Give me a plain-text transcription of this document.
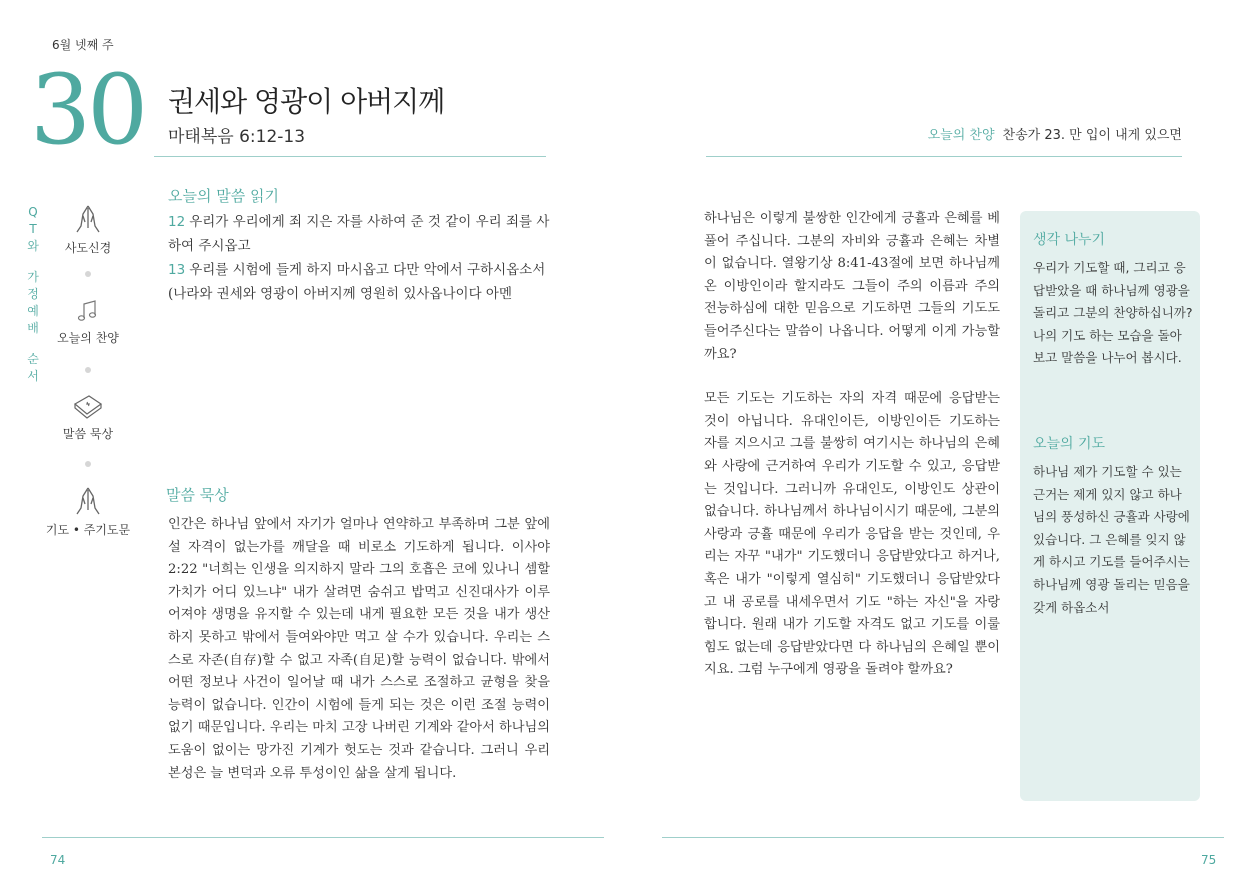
6월 넷째 주
30 권세와 영광이 아버지께
마태복음 6:12-13	오늘의 찬양 찬송가 23. 만 입이 내게 있으면
Q
T
와
가
정
예
배
순
서
사도신경
오늘의 찬양
말씀 묵상
기도 • 주기도문
오늘의 말씀 읽기
12 우리가 우리에게 죄 지은 자를 사하여 준 것 같이 우리 죄를 사하여 주시옵고
13 우리를 시험에 들게 하지 마시옵고 다만 악에서 구하시옵소서 (나라와 권세와 영광이 아버지께 영원히 있사옵나이다 아멘
말씀 묵상
인간은 하나님 앞에서 자기가 얼마나 연약하고 부족하며 그분 앞에 설 자격이 없는가를 깨달을 때 비로소 기도하게 됩니다. 이사야 2:22 "너희는 인생을 의지하지 말라 그의 호흡은 코에 있나니 셈할 가치가 어디 있느냐" 내가 살려면 숨쉬고 밥먹고 신진대사가 이루어져야 생명을 유지할 수 있는데 내게 필요한 모든 것을 내가 생산하지 못하고 밖에서 들여와야만 먹고 살 수가 있습니다. 우리는 스스로 자존(自存)할 수 없고 자족(自足)할 능력이 없습니다. 밖에서 어떤 정보나 사건이 일어날 때 내가 스스로 조절하고 균형을 찾을 능력이 없습니다. 인간이 시험에 들게 되는 것은 이런 조절 능력이 없기 때문입니다. 우리는 마치 고장 나버린 기계와 같아서 하나님의 도움이 없이는 망가진 기계가 헛도는 것과 같습니다. 그러니 우리 본성은 늘 변덕과 오류 투성이인 삶을 살게 됩니다.

하나님은 이렇게 불쌍한 인간에게 긍휼과 은혜를 베풀어 주십니다. 그분의 자비와 긍휼과 은혜는 차별이 없습니다. 열왕기상 8:41-43절에 보면 하나님께 온 이방인이라 할지라도 그들이 주의 이름과 주의 전능하심에 대한 믿음으로 기도하면 그들의 기도도 들어주신다는 말씀이 나옵니다. 어떻게 이게 가능할까요?

모든 기도는 기도하는 자의 자격 때문에 응답받는 것이 아닙니다. 유대인이든, 이방인이든 기도하는 자를 지으시고 그를 불쌍히 여기시는 하나님의 은혜와 사랑에 근거하여 우리가 기도할 수 있고, 응답받는 것입니다. 그러니까 유대인도, 이방인도 상관이 없습니다. 하나님께서 하나님이시기 때문에, 그분의 사랑과 긍휼 때문에 우리가 응답을 받는 것인데, 우리는 자꾸 "내가" 기도했더니 응답받았다고 하거나, 혹은 내가 "이렇게 열심히" 기도했더니 응답받았다고 내 공로를 내세우면서 기도 "하는 자신"을 자랑합니다. 원래 내가 기도할 자격도 없고 기도를 이룰 힘도 없는데 응답받았다면 다 하나님의 은혜일 뿐이지요. 그럼 누구에게 영광을 돌려야 할까요?

생각 나누기
우리가 기도할 때, 그리고 응답받았을 때 하나님께 영광을 돌리고 그분의 찬양하십니까? 나의 기도 하는 모습을 돌아보고 말씀을 나누어 봅시다.
오늘의 기도
하나님 제가 기도할 수 있는 근거는 제게 있지 않고 하나님의 풍성하신 긍휼과 사랑에 있습니다. 그 은혜를 잊지 않게 하시고 기도를 들어주시는 하나님께 영광 돌리는 믿음을 갖게 하옵소서
74	75
